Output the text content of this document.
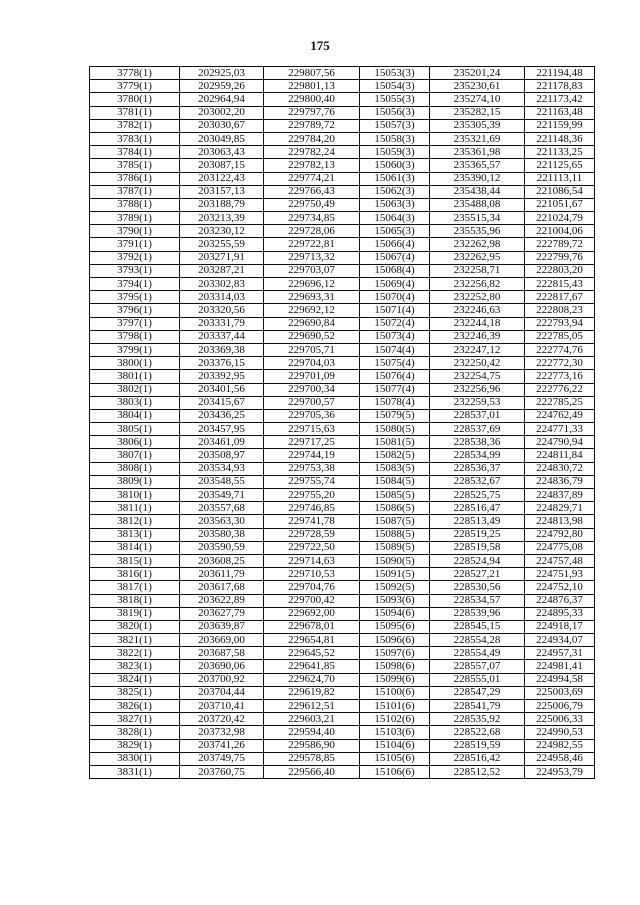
175
3778(1)	202925,03	229807,56	15053(3)	235201,24	221194,48
3779(1)	202959,26	229801,13	15054(3)	235230,61	221178,83
3780(1)	202964,94	229800,40	15055(3)	235274,10	221173,42
3781(1)	203002,20	229797,76	15056(3)	235282,15	221163,48
3782(1)	203030,67	229789,72	15057(3)	235305,39	221159,99
3783(1)	203049,85	229784,20	15058(3)	235321,69	221148,36
3784(1)	203063,43	229782,24	15059(3)	235361,98	221133,25
3785(1)	203087,15	229782,13	15060(3)	235365,57	221125,65
3786(1)	203122,43	229774,21	15061(3)	235390,12	221113,11
3787(1)	203157,13	229766,43	15062(3)	235438,44	221086,54
3788(1)	203188,79	229750,49	15063(3)	235488,08	221051,67
3789(1)	203213,39	229734,85	15064(3)	235515,34	221024,79
3790(1)	203230,12	229728,06	15065(3)	235535,96	221004,06
3791(1)	203255,59	229722,81	15066(4)	232262,98	222789,72
3792(1)	203271,91	229713,32	15067(4)	232262,95	222799,76
3793(1)	203287,21	229703,07	15068(4)	232258,71	222803,20
3794(1)	203302,83	229696,12	15069(4)	232256,82	222815,43
3795(1)	203314,03	229693,31	15070(4)	232252,80	222817,67
3796(1)	203320,56	229692,12	15071(4)	232246,63	222808,23
3797(1)	203331,79	229690,84	15072(4)	232244,18	222793,94
3798(1)	203337,44	229690,52	15073(4)	232246,39	222785,05
3799(1)	203369,38	229705,71	15074(4)	232247,12	222774,76
3800(1)	203376,15	229704,03	15075(4)	232250,42	222772,30
3801(1)	203392,95	229701,09	15076(4)	232254,75	222773,16
3802(1)	203401,56	229700,34	15077(4)	232256,96	222776,22
3803(1)	203415,67	229700,57	15078(4)	232259,53	222785,25
3804(1)	203436,25	229705,36	15079(5)	228537,01	224762,49
3805(1)	203457,95	229715,63	15080(5)	228537,69	224771,33
3806(1)	203461,09	229717,25	15081(5)	228538,36	224790,94
3807(1)	203508,97	229744,19	15082(5)	228534,99	224811,84
3808(1)	203534,93	229753,38	15083(5)	228536,37	224830,72
3809(1)	203548,55	229755,74	15084(5)	228532,67	224836,79
3810(1)	203549,71	229755,20	15085(5)	228525,75	224837,89
3811(1)	203557,68	229746,85	15086(5)	228516,47	224829,71
3812(1)	203563,30	229741,78	15087(5)	228513,49	224813,98
3813(1)	203580,38	229728,59	15088(5)	228519,25	224792,80
3814(1)	203590,59	229722,50	15089(5)	228519,58	224775,08
3815(1)	203608,25	229714,63	15090(5)	228524,94	224757,48
3816(1)	203611,79	229710,53	15091(5)	228527,21	224751,93
3817(1)	203617,68	229704,76	15092(5)	228530,56	224752,10
3818(1)	203622,89	229700,42	15093(6)	228534,57	224876,37
3819(1)	203627,79	229692,00	15094(6)	228539,96	224895,33
3820(1)	203639,87	229678,01	15095(6)	228545,15	224918,17
3821(1)	203669,00	229654,81	15096(6)	228554,28	224934,07
3822(1)	203687,58	229645,52	15097(6)	228554,49	224957,31
3823(1)	203690,06	229641,85	15098(6)	228557,07	224981,41
3824(1)	203700,92	229624,70	15099(6)	228555,01	224994,58
3825(1)	203704,44	229619,82	15100(6)	228547,29	225003,69
3826(1)	203710,41	229612,51	15101(6)	228541,79	225006,79
3827(1)	203720,42	229603,21	15102(6)	228535,92	225006,33
3828(1)	203732,98	229594,40	15103(6)	228522,68	224990,53
3829(1)	203741,26	229586,90	15104(6)	228519,59	224982,55
3830(1)	203749,75	229578,85	15105(6)	228516,42	224958,46
3831(1)	203760,75	229566,40	15106(6)	228512,52	224953,79
